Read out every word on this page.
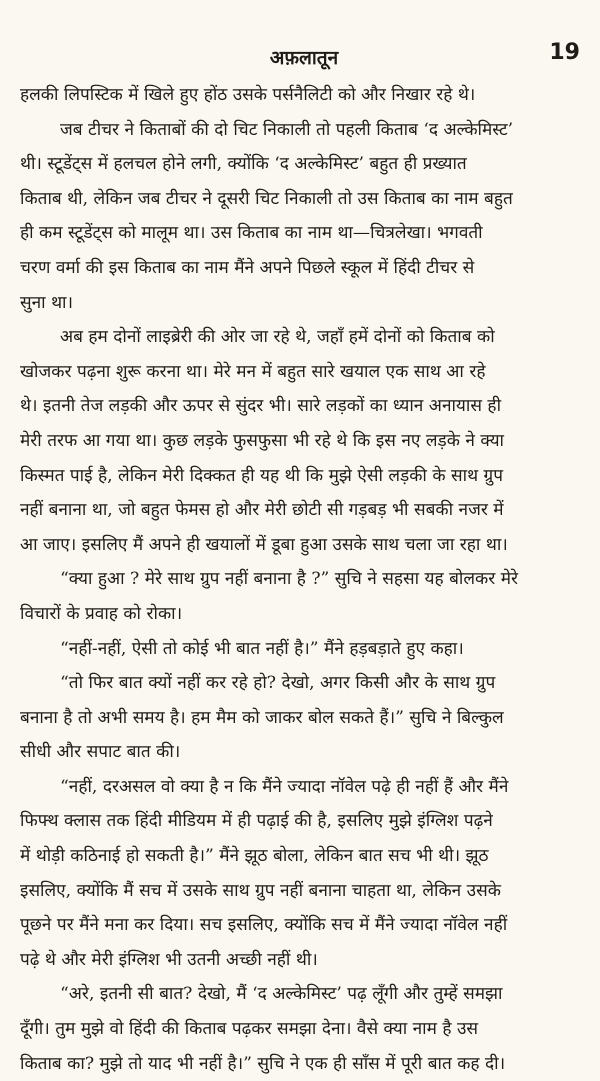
अफ़लातून	19
हलकी लिपस्टिक में खिले हुए होंठ उसके पर्सनैलिटी को और निखार रहे थे।
जब टीचर ने किताबों की दो चिट निकाली तो पहली किताब ‘द अल्केमिस्ट’
थी। स्टूडेंट्स में हलचल होने लगी, क्योंकि ‘द अल्केमिस्ट’ बहुत ही प्रख्यात
किताब थी, लेकिन जब टीचर ने दूसरी चिट निकाली तो उस किताब का नाम बहुत
ही कम स्टूडेंट्स को मालूम था। उस किताब का नाम था—चित्रलेखा। भगवती
चरण वर्मा की इस किताब का नाम मैंने अपने पिछले स्कूल में हिंदी टीचर से
सुना था।
अब हम दोनों लाइब्रेरी की ओर जा रहे थे, जहाँ हमें दोनों को किताब को
खोजकर पढ़ना शुरू करना था। मेरे मन में बहुत सारे खयाल एक साथ आ रहे
थे। इतनी तेज लड़की और ऊपर से सुंदर भी। सारे लड़कों का ध्यान अनायास ही
मेरी तरफ आ गया था। कुछ लड़के फुसफुसा भी रहे थे कि इस नए लड़के ने क्या
किस्मत पाई है, लेकिन मेरी दिक्कत ही यह थी कि मुझे ऐसी लड़की के साथ ग्रुप
नहीं बनाना था, जो बहुत फेमस हो और मेरी छोटी सी गड़बड़ भी सबकी नजर में
आ जाए। इसलिए मैं अपने ही खयालों में डूबा हुआ उसके साथ चला जा रहा था।
“क्या हुआ ? मेरे साथ ग्रुप नहीं बनाना है ?” सुचि ने सहसा यह बोलकर मेरे
विचारों के प्रवाह को रोका।
“नहीं-नहीं, ऐसी तो कोई भी बात नहीं है।” मैंने हड़बड़ाते हुए कहा।
“तो फिर बात क्यों नहीं कर रहे हो? देखो, अगर किसी और के साथ ग्रुप
बनाना है तो अभी समय है। हम मैम को जाकर बोल सकते हैं।” सुचि ने बिल्कुल
सीधी और सपाट बात की।
“नहीं, दरअसल वो क्या है न कि मैंने ज्यादा नॉवेल पढ़े ही नहीं हैं और मैंने
फिफ्थ क्लास तक हिंदी मीडियम में ही पढ़ाई की है, इसलिए मुझे इंग्लिश पढ़ने
में थोड़ी कठिनाई हो सकती है।” मैंने झूठ बोला, लेकिन बात सच भी थी। झूठ
इसलिए, क्योंकि मैं सच में उसके साथ ग्रुप नहीं बनाना चाहता था, लेकिन उसके
पूछने पर मैंने मना कर दिया। सच इसलिए, क्योंकि सच में मैंने ज्यादा नॉवेल नहीं
पढ़े थे और मेरी इंग्लिश भी उतनी अच्छी नहीं थी।
“अरे, इतनी सी बात? देखो, मैं ‘द अल्केमिस्ट’ पढ़ लूँगी और तुम्हें समझा
दूँगी। तुम मुझे वो हिंदी की किताब पढ़कर समझा देना। वैसे क्या नाम है उस
किताब का? मुझे तो याद भी नहीं है।” सुचि ने एक ही साँस में पूरी बात कह दी।
